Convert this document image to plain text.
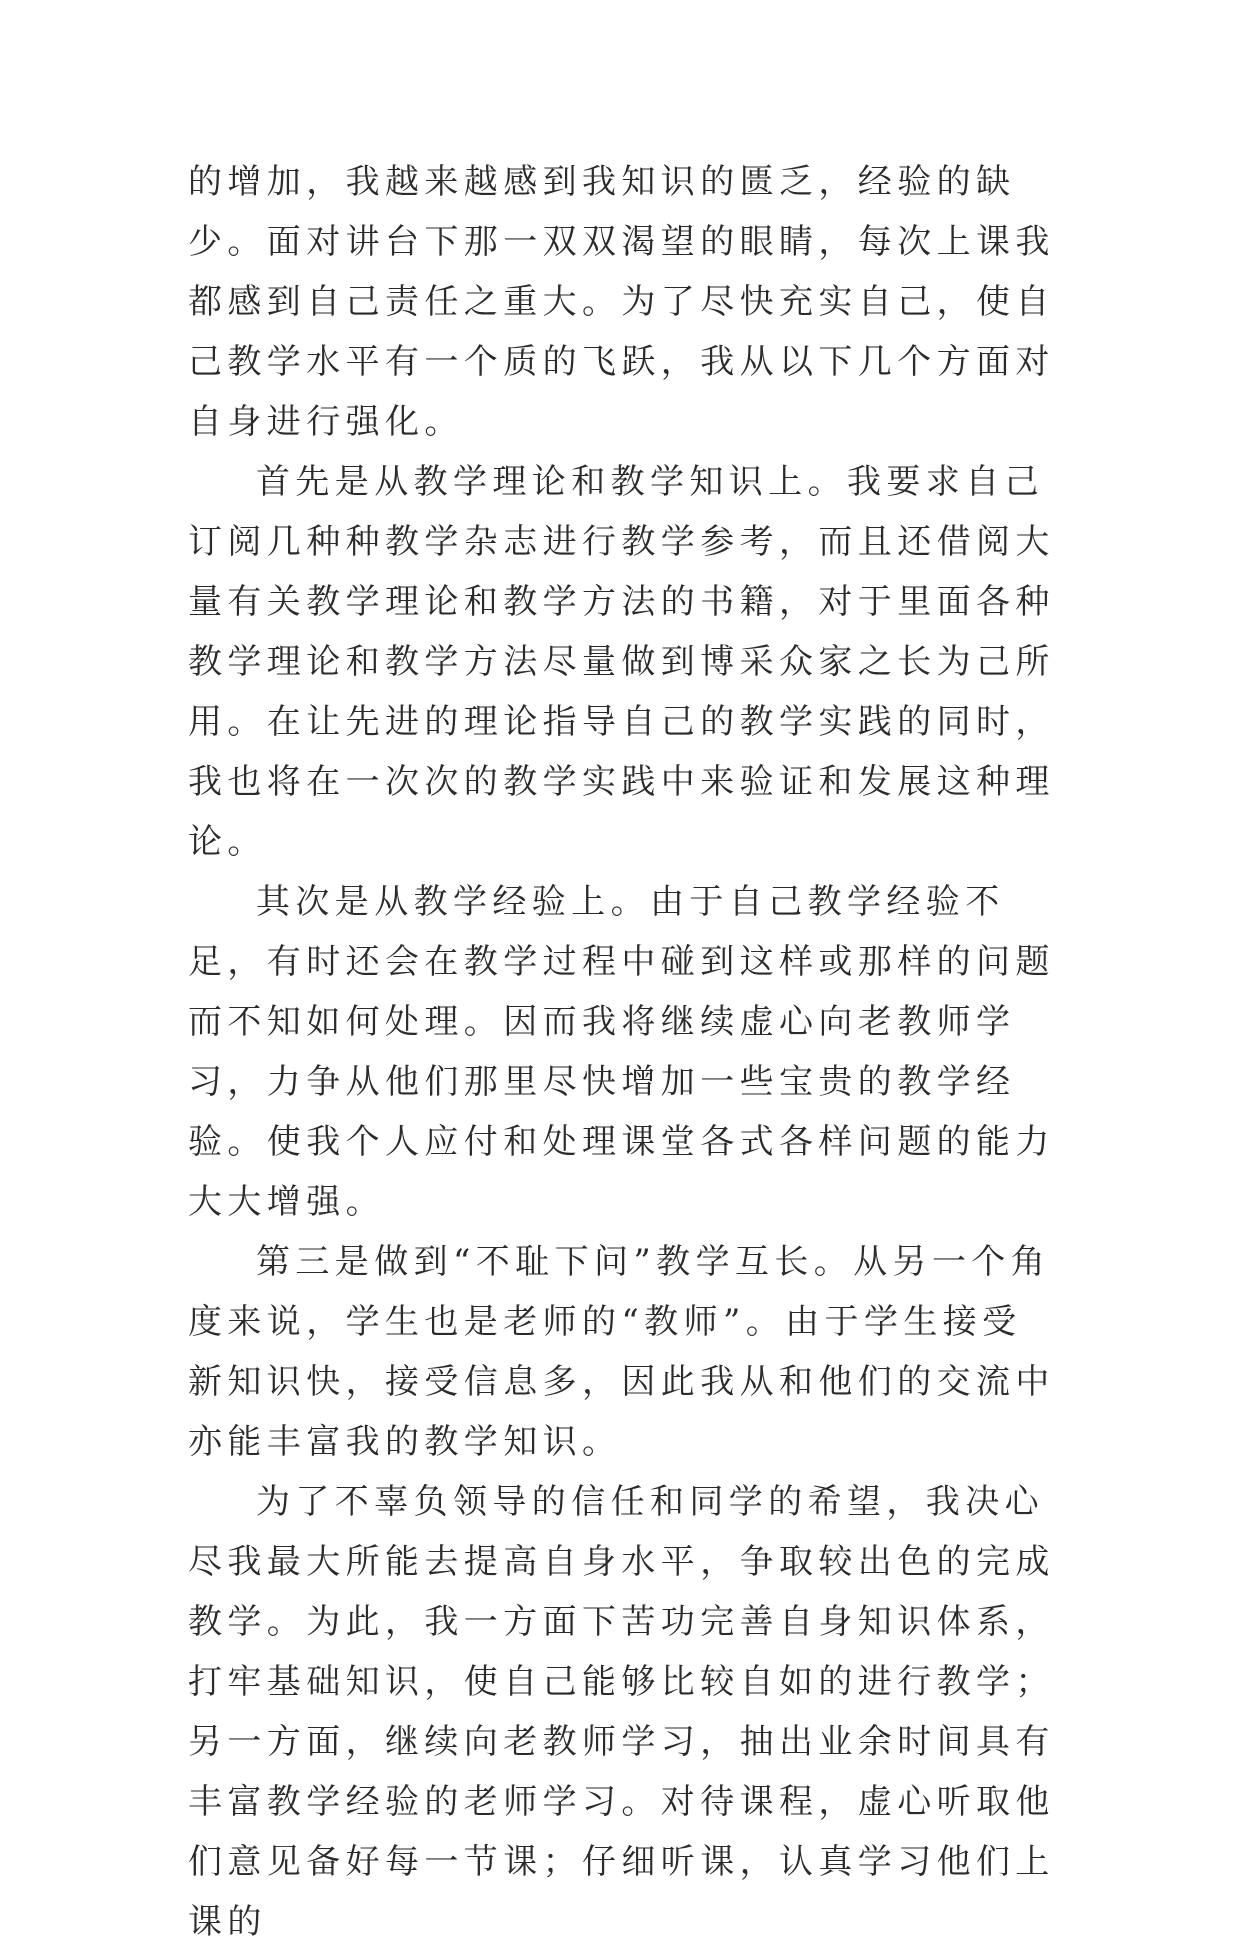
的增加，我越来越感到我知识的匮乏，经验的缺少。面对讲台下那一双双渴望的眼睛，每次上课我都感到自己责任之重大。为了尽快充实自己，使自己教学水平有一个质的飞跃，我从以下几个方面对自身进行强化。

首先是从教学理论和教学知识上。我要求自己订阅几种种教学杂志进行教学参考，而且还借阅大量有关教学理论和教学方法的书籍，对于里面各种教学理论和教学方法尽量做到博采众家之长为己所用。在让先进的理论指导自己的教学实践的同时，我也将在一次次的教学实践中来验证和发展这种理论。

其次是从教学经验上。由于自己教学经验不足，有时还会在教学过程中碰到这样或那样的问题而不知如何处理。因而我将继续虚心向老教师学习，力争从他们那里尽快增加一些宝贵的教学经验。使我个人应付和处理课堂各式各样问题的能力大大增强。

第三是做到“不耻下问”教学互长。从另一个角度来说，学生也是老师的“教师”。由于学生接受新知识快，接受信息多，因此我从和他们的交流中亦能丰富我的教学知识。

为了不辜负领导的信任和同学的希望，我决心尽我最大所能去提高自身水平，争取较出色的完成教学。为此，我一方面下苦功完善自身知识体系，打牢基础知识，使自己能够比较自如的进行教学；另一方面，继续向老教师学习，抽出业余时间具有丰富教学经验的老师学习。对待课程，虚心听取他们意见备好每一节课；仔细听课，认真学习他们上课的
